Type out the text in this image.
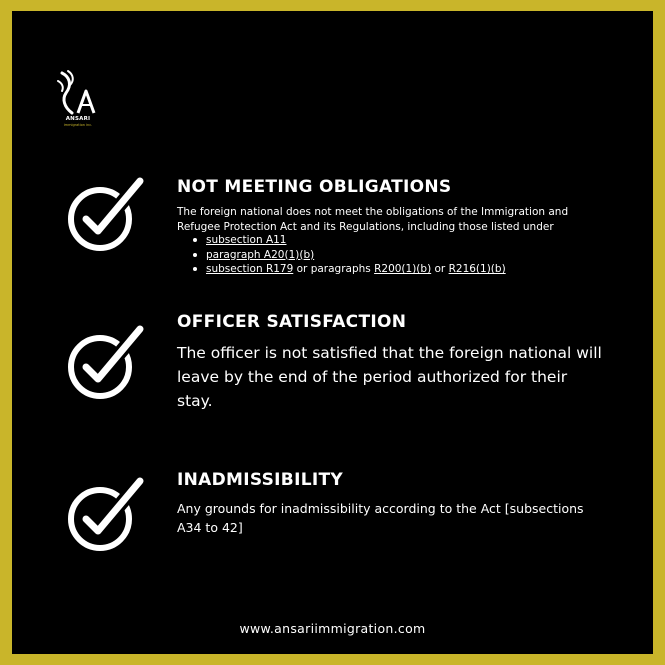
ANSARI
immigration inc.
NOT MEETING OBLIGATIONS
The foreign national does not meet the obligations of the Immigration and Refugee Protection Act and its Regulations, including those listed under
subsection A11
paragraph A20(1)(b)
subsection R179 or paragraphs R200(1)(b) or R216(1)(b)
OFFICER SATISFACTION
The officer is not satisfied that the foreign national will leave by the end of the period authorized for their stay.
INADMISSIBILITY
Any grounds for inadmissibility according to the Act [subsections A34 to 42]
www.ansariimmigration.com
